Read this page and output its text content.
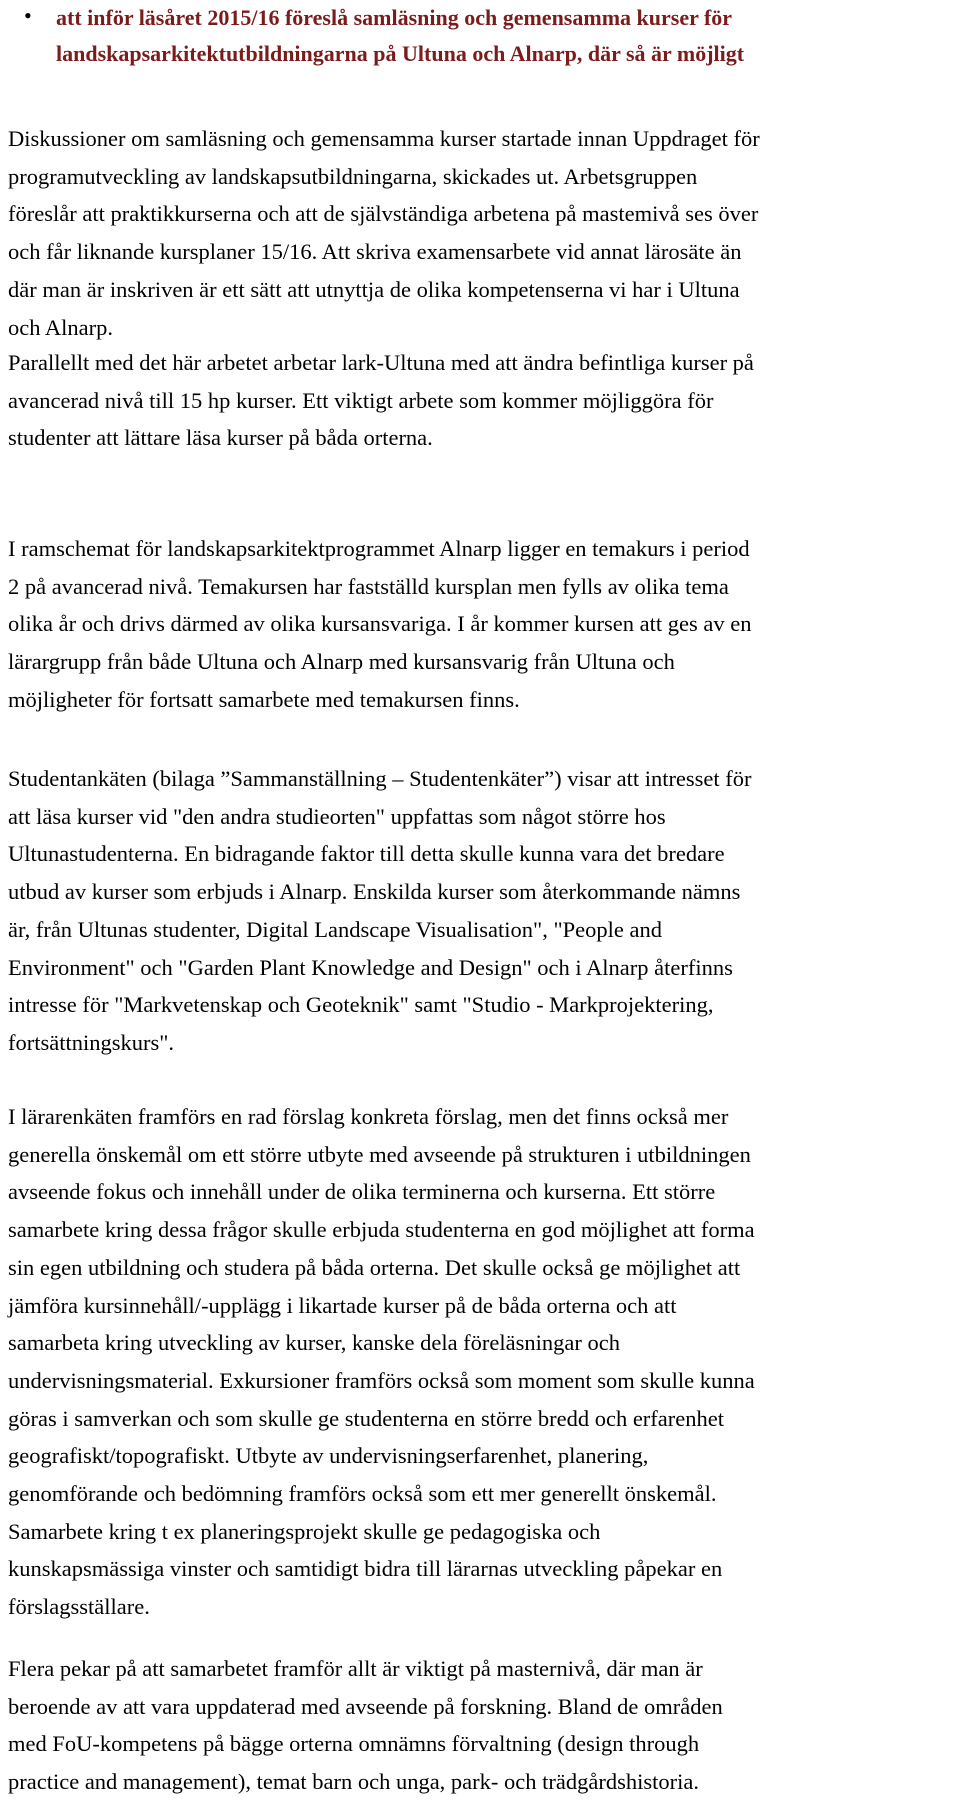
• att inför läsåret 2015/16 föreslå samläsning och gemensamma kurser för
landskapsarkitektutbildningarna på Ultuna och Alnarp, där så är möjligt

Diskussioner om samläsning och gemensamma kurser startade innan Uppdraget för
programutveckling av landskapsutbildningarna, skickades ut. Arbetsgruppen
föreslår att praktikkurserna och att de självständiga arbetena på mastemivå ses över
och får liknande kursplaner 15/16. Att skriva examensarbete vid annat lärosäte än
där man är inskriven är ett sätt att utnyttja de olika kompetenserna vi har i Ultuna
och Alnarp.

Parallellt med det här arbetet arbetar lark-Ultuna med att ändra befintliga kurser på
avancerad nivå till 15 hp kurser. Ett viktigt arbete som kommer möjliggöra för
studenter att lättare läsa kurser på båda orterna.

I ramschemat för landskapsarkitektprogrammet Alnarp ligger en temakurs i period
2 på avancerad nivå. Temakursen har fastställd kursplan men fylls av olika tema
olika år och drivs därmed av olika kursansvariga. I år kommer kursen att ges av en
lärargrupp från både Ultuna och Alnarp med kursansvarig från Ultuna och
möjligheter för fortsatt samarbete med temakursen finns.

Studentankäten (bilaga ”Sammanställning – Studentenkäter”) visar att intresset för
att läsa kurser vid "den andra studieorten" uppfattas som något större hos
Ultunastudenterna. En bidragande faktor till detta skulle kunna vara det bredare
utbud av kurser som erbjuds i Alnarp. Enskilda kurser som återkommande nämns
är, från Ultunas studenter, Digital Landscape Visualisation", "People and
Environment" och "Garden Plant Knowledge and Design" och i Alnarp återfinns
intresse för "Markvetenskap och Geoteknik" samt "Studio - Markprojektering,
fortsättningskurs".

I lärarenkäten framförs en rad förslag konkreta förslag, men det finns också mer
generella önskemål om ett större utbyte med avseende på strukturen i utbildningen
avseende fokus och innehåll under de olika terminerna och kurserna. Ett större
samarbete kring dessa frågor skulle erbjuda studenterna en god möjlighet att forma
sin egen utbildning och studera på båda orterna. Det skulle också ge möjlighet att
jämföra kursinnehåll/-upplägg i likartade kurser på de båda orterna och att
samarbeta kring utveckling av kurser, kanske dela föreläsningar och
undervisningsmaterial. Exkursioner framförs också som moment som skulle kunna
göras i samverkan och som skulle ge studenterna en större bredd och erfarenhet
geografiskt/topografiskt. Utbyte av undervisningserfarenhet, planering,
genomförande och bedömning framförs också som ett mer generellt önskemål.
Samarbete kring t ex planeringsprojekt skulle ge pedagogiska och
kunskapsmässiga vinster och samtidigt bidra till lärarnas utveckling påpekar en
förslagsställare.

Flera pekar på att samarbetet framför allt är viktigt på masternivå, där man är
beroende av att vara uppdaterad med avseende på forskning. Bland de områden
med FoU-kompetens på bägge orterna omnämns förvaltning (design through
practice and management), temat barn och unga, park- och trädgårdshistoria.
